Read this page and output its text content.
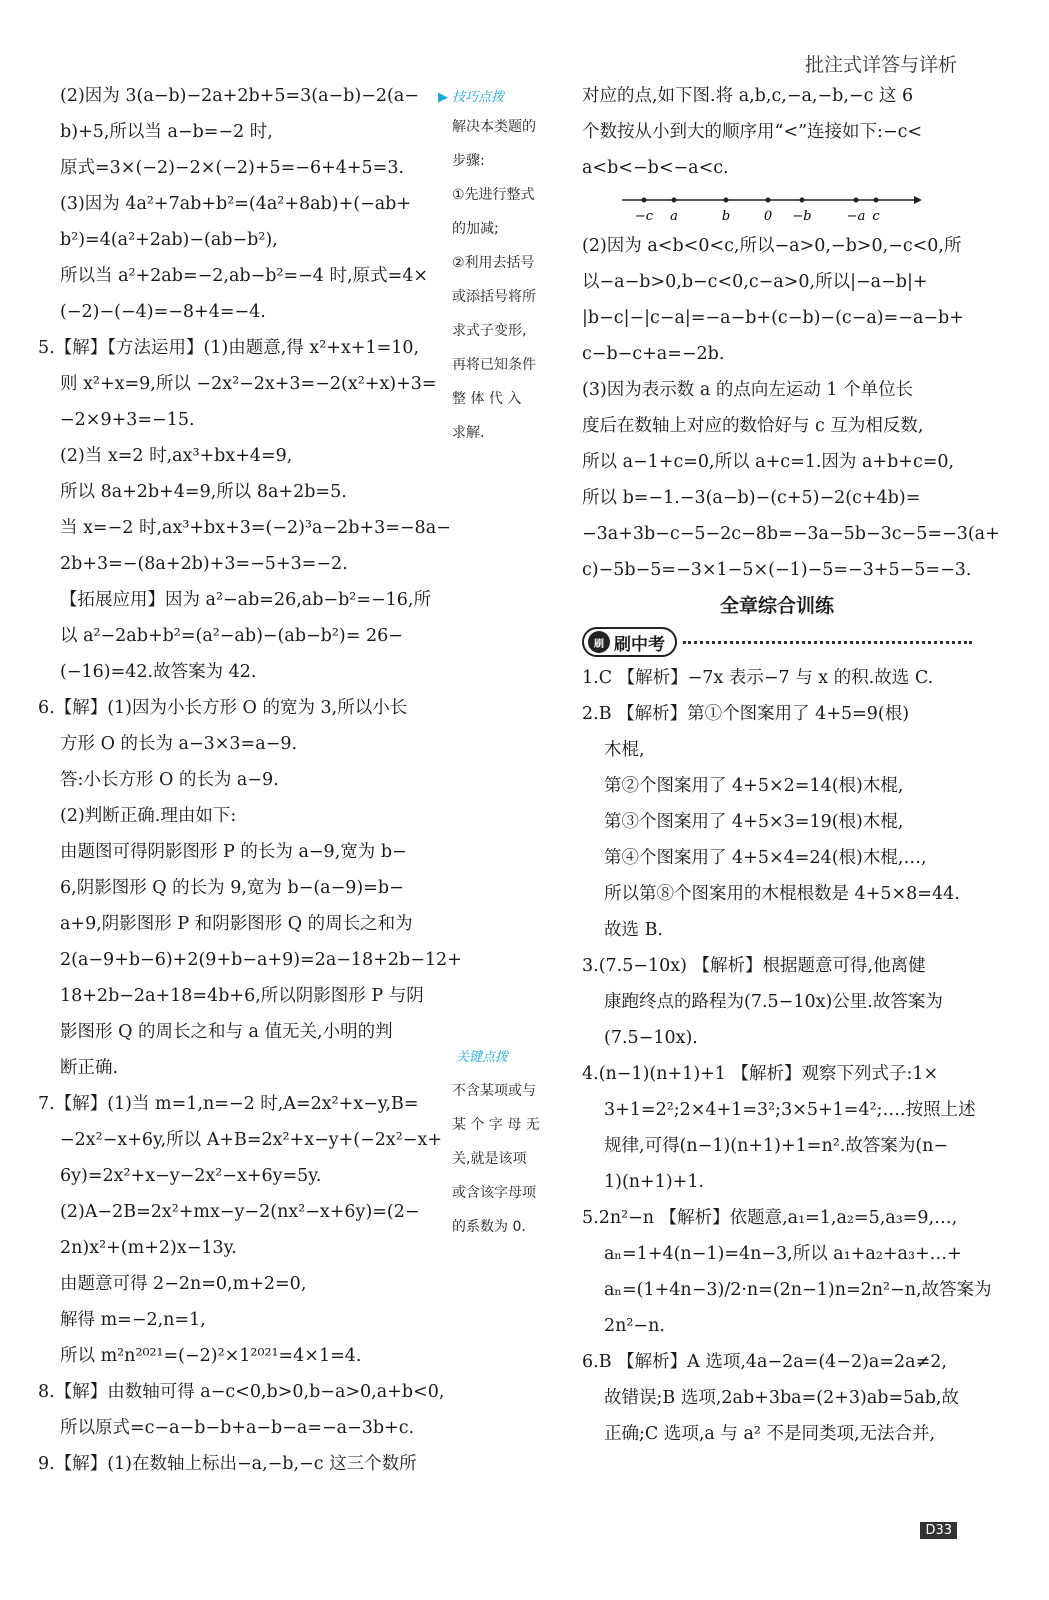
批注式详答与详析
(2)因为 3(a−b)−2a+2b+5=3(a−b)−2(a−
b)+5,所以当 a−b=−2 时,
原式=3×(−2)−2×(−2)+5=−6+4+5=3.
(3)因为 4a²+7ab+b²=(4a²+8ab)+(−ab+
b²)=4(a²+2ab)−(ab−b²),
所以当 a²+2ab=−2,ab−b²=−4 时,原式=4×
(−2)−(−4)=−8+4=−4.
5.【解】【方法运用】(1)由题意,得 x²+x+1=10,
则 x²+x=9,所以 −2x²−2x+3=−2(x²+x)+3=
−2×9+3=−15.
(2)当 x=2 时,ax³+bx+4=9,
所以 8a+2b+4=9,所以 8a+2b=5.
当 x=−2 时,ax³+bx+3=(−2)³a−2b+3=−8a−
2b+3=−(8a+2b)+3=−5+3=−2.
【拓展应用】因为 a²−ab=26,ab−b²=−16,所
以 a²−2ab+b²=(a²−ab)−(ab−b²)= 26−
(−16)=42.故答案为 42.
6.【解】(1)因为小长方形 O 的宽为 3,所以小长
方形 O 的长为 a−3×3=a−9.
答:小长方形 O 的长为 a−9.
(2)判断正确.理由如下:
由题图可得阴影图形 P 的长为 a−9,宽为 b−
6,阴影图形 Q 的长为 9,宽为 b−(a−9)=b−
a+9,阴影图形 P 和阴影图形 Q 的周长之和为
2(a−9+b−6)+2(9+b−a+9)=2a−18+2b−12+
18+2b−2a+18=4b+6,所以阴影图形 P 与阴
影图形 Q 的周长之和与 a 值无关,小明的判
断正确.
7.【解】(1)当 m=1,n=−2 时,A=2x²+x−y,B=
−2x²−x+6y,所以 A+B=2x²+x−y+(−2x²−x+
6y)=2x²+x−y−2x²−x+6y=5y.
(2)A−2B=2x²+mx−y−2(nx²−x+6y)=(2−
2n)x²+(m+2)x−13y.
由题意可得 2−2n=0,m+2=0,
解得 m=−2,n=1,
所以 m²n²⁰²¹=(−2)²×1²⁰²¹=4×1=4.
8.【解】由数轴可得 a−c<0,b>0,b−a>0,a+b<0,
所以原式=c−a−b−b+a−b−a=−a−3b+c.
9.【解】(1)在数轴上标出−a,−b,−c 这三个数所
▶ 技巧点拨
解决本类题的
步骤:
①先进行整式
的加减;
②利用去括号
或添括号将所
求式子变形,
再将已知条件
整 体 代 入
求解.
关键点拨
不含某项或与
某 个 字 母 无
关,就是该项
或含该字母项
的系数为 0.
对应的点,如下图.将 a,b,c,−a,−b,−c 这 6
个数按从小到大的顺序用“<”连接如下:−c<
a<b<−b<−a<c.
−c a	b	0 −b	−a c
(2)因为 a<b<0<c,所以−a>0,−b>0,−c<0,所
以−a−b>0,b−c<0,c−a>0,所以|−a−b|+
|b−c|−|c−a|=−a−b+(c−b)−(c−a)=−a−b+
c−b−c+a=−2b.
(3)因为表示数 a 的点向左运动 1 个单位长
度后在数轴上对应的数恰好与 c 互为相反数,
所以 a−1+c=0,所以 a+c=1.因为 a+b+c=0,
所以 b=−1.−3(a−b)−(c+5)−2(c+4b)=
−3a+3b−c−5−2c−8b=−3a−5b−3c−5=−3(a+
c)−5b−5=−3×1−5×(−1)−5=−3+5−5=−3.
全章综合训练
刷 刷中考
1.C 【解析】−7x 表示−7 与 x 的积.故选 C.
2.B 【解析】第①个图案用了 4+5=9(根)
木棍,
第②个图案用了 4+5×2=14(根)木棍,
第③个图案用了 4+5×3=19(根)木棍,
第④个图案用了 4+5×4=24(根)木棍,…,
所以第⑧个图案用的木棍根数是 4+5×8=44.
故选 B.
3.(7.5−10x) 【解析】根据题意可得,他离健
康跑终点的路程为(7.5−10x)公里.故答案为
(7.5−10x).
4.(n−1)(n+1)+1 【解析】观察下列式子:1×
3+1=2²;2×4+1=3²;3×5+1=4²;….按照上述
规律,可得(n−1)(n+1)+1=n².故答案为(n−
1)(n+1)+1.
5.2n²−n 【解析】依题意,a₁=1,a₂=5,a₃=9,…,
aₙ=1+4(n−1)=4n−3,所以 a₁+a₂+a₃+…+
aₙ=(1+4n−3)/2·n=(2n−1)n=2n²−n,故答案为
2n²−n.
6.B 【解析】A 选项,4a−2a=(4−2)a=2a≠2,
故错误;B 选项,2ab+3ba=(2+3)ab=5ab,故
正确;C 选项,a 与 a² 不是同类项,无法合并,
D33
